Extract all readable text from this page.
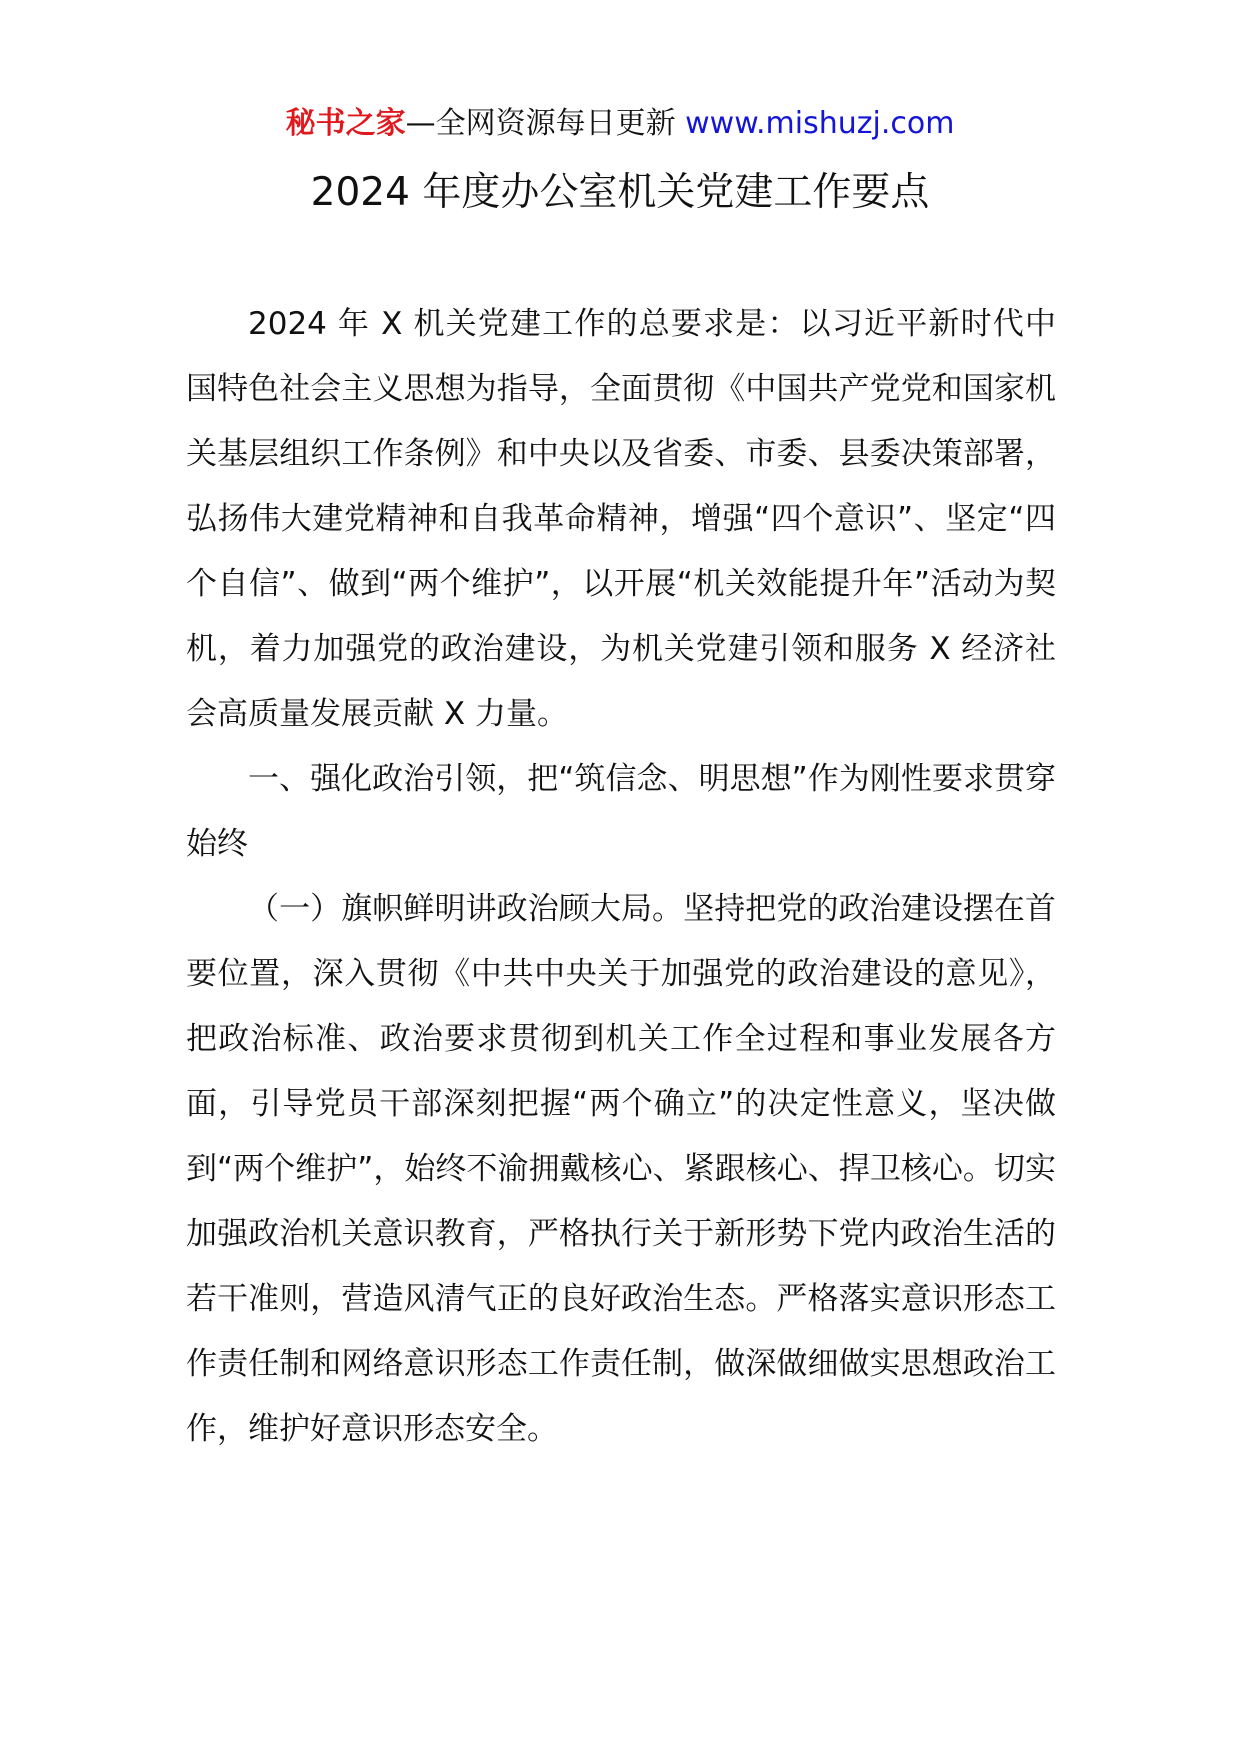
秘书之家—全网资源每日更新 www.mishuzj.com
2024 年度办公室机关党建工作要点

2024 年 X 机关党建工作的总要求是：以习近平新时代中国特色社会主义思想为指导，全面贯彻《中国共产党党和国家机关基层组织工作条例》和中央以及省委、市委、县委决策部署，弘扬伟大建党精神和自我革命精神，增强“四个意识”、坚定“四个自信”、做到“两个维护”，以开展“机关效能提升年”活动为契机，着力加强党的政治建设，为机关党建引领和服务 X 经济社会高质量发展贡献 X 力量。

一、强化政治引领，把“筑信念、明思想”作为刚性要求贯穿始终

（一）旗帜鲜明讲政治顾大局。坚持把党的政治建设摆在首要位置，深入贯彻《中共中央关于加强党的政治建设的意见》，把政治标准、政治要求贯彻到机关工作全过程和事业发展各方面，引导党员干部深刻把握“两个确立”的决定性意义，坚决做到“两个维护”，始终不渝拥戴核心、紧跟核心、捍卫核心。切实加强政治机关意识教育，严格执行关于新形势下党内政治生活的若干准则，营造风清气正的良好政治生态。严格落实意识形态工作责任制和网络意识形态工作责任制，做深做细做实思想政治工作，维护好意识形态安全。
